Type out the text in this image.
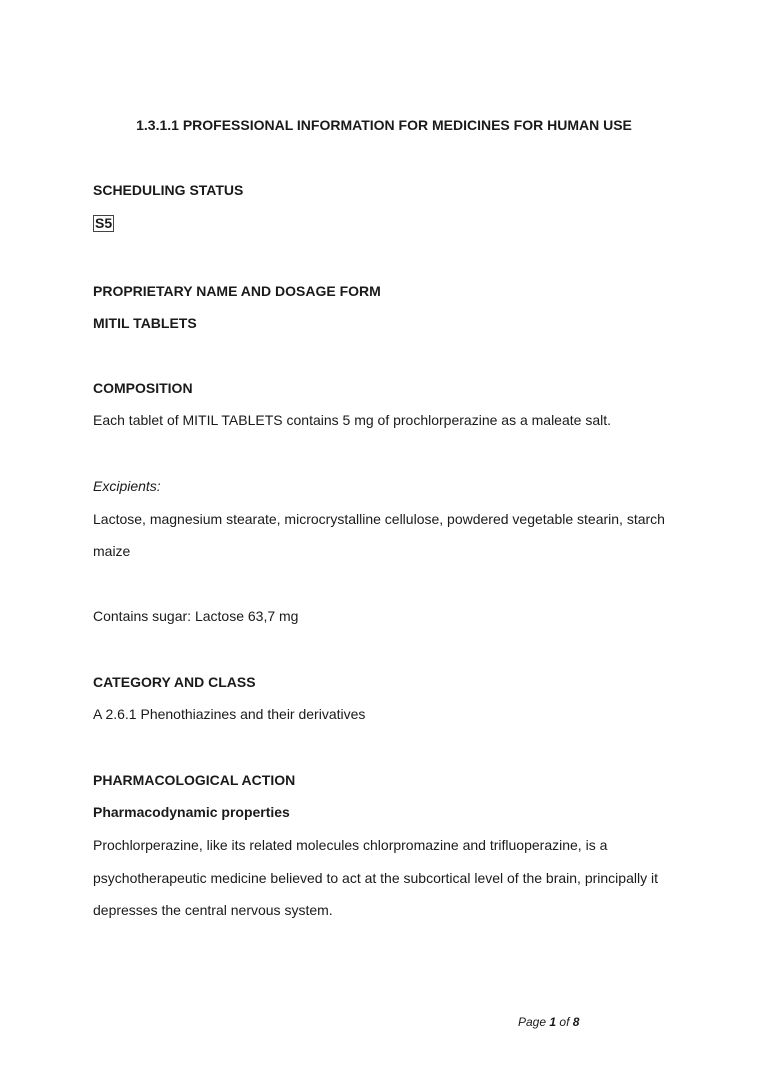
1.3.1.1 PROFESSIONAL INFORMATION FOR MEDICINES FOR HUMAN USE

SCHEDULING STATUS

S5

PROPRIETARY NAME AND DOSAGE FORM

MITIL TABLETS

COMPOSITION

Each tablet of MITIL TABLETS contains 5 mg of prochlorperazine as a maleate salt.

Excipients:

Lactose, magnesium stearate, microcrystalline cellulose, powdered vegetable stearin, starch

maize

Contains sugar: Lactose 63,7 mg

CATEGORY AND CLASS

A 2.6.1 Phenothiazines and their derivatives

PHARMACOLOGICAL ACTION

Pharmacodynamic properties

Prochlorperazine, like its related molecules chlorpromazine and trifluoperazine, is a

psychotherapeutic medicine believed to act at the subcortical level of the brain, principally it

depresses the central nervous system.

Page 1 of 8
